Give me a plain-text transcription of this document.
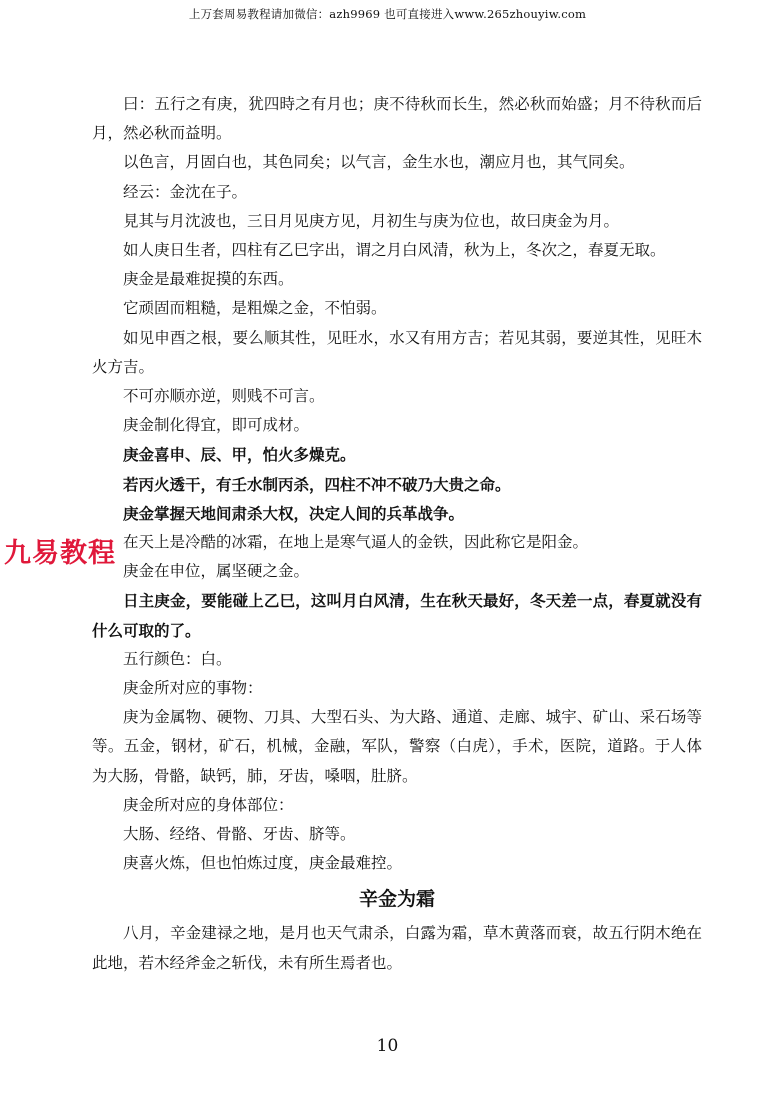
上万套周易教程请加微信：azh9969 也可直接进入www.265zhouyiw.com

曰：五行之有庚，犹四時之有月也；庚不待秋而长生，然必秋而始盛；月不待秋而后月，然必秋而益明。

以色言，月固白也，其色同矣；以气言，金生水也，潮应月也，其气同矣。

经云：金沈在子。

見其与月沈波也，三日月见庚方见，月初生与庚为位也，故曰庚金为月。

如人庚日生者，四柱有乙巳字出，谓之月白风清，秋为上，冬次之，春夏无取。

庚金是最难捉摸的东西。

它顽固而粗糙，是粗燥之金，不怕弱。

如见申酉之根，要么顺其性，见旺水，水又有用方吉；若见其弱，要逆其性，见旺木火方吉。

不可亦顺亦逆，则贱不可言。

庚金制化得宜，即可成材。

庚金喜申、辰、甲，怕火多燥克。

若丙火透干，有壬水制丙杀，四柱不冲不破乃大贵之命。

庚金掌握天地间肃杀大权，决定人间的兵革战争。

在天上是冷酷的冰霜，在地上是寒气逼人的金铁，因此称它是阳金。

庚金在申位，属坚硬之金。

日主庚金，要能碰上乙巳，这叫月白风清，生在秋天最好，冬天差一点，春夏就没有什么可取的了。

五行颜色：白。

庚金所对应的事物：

庚为金属物、硬物、刀具、大型石头、为大路、通道、走廊、城宇、矿山、采石场等等。五金，钢材，矿石，机械，金融，军队，警察（白虎），手术，医院，道路。于人体为大肠，骨骼，缺钙，肺，牙齿，嗓咽，肚脐。

庚金所对应的身体部位：

大肠、经络、骨骼、牙齿、脐等。

庚喜火炼，但也怕炼过度，庚金最难控。

辛金为霜

八月，辛金建禄之地，是月也天气肃杀，白露为霜，草木黄落而衰，故五行阴木绝在此地，若木经斧金之斩伐，未有所生焉者也。

九易教程
10
